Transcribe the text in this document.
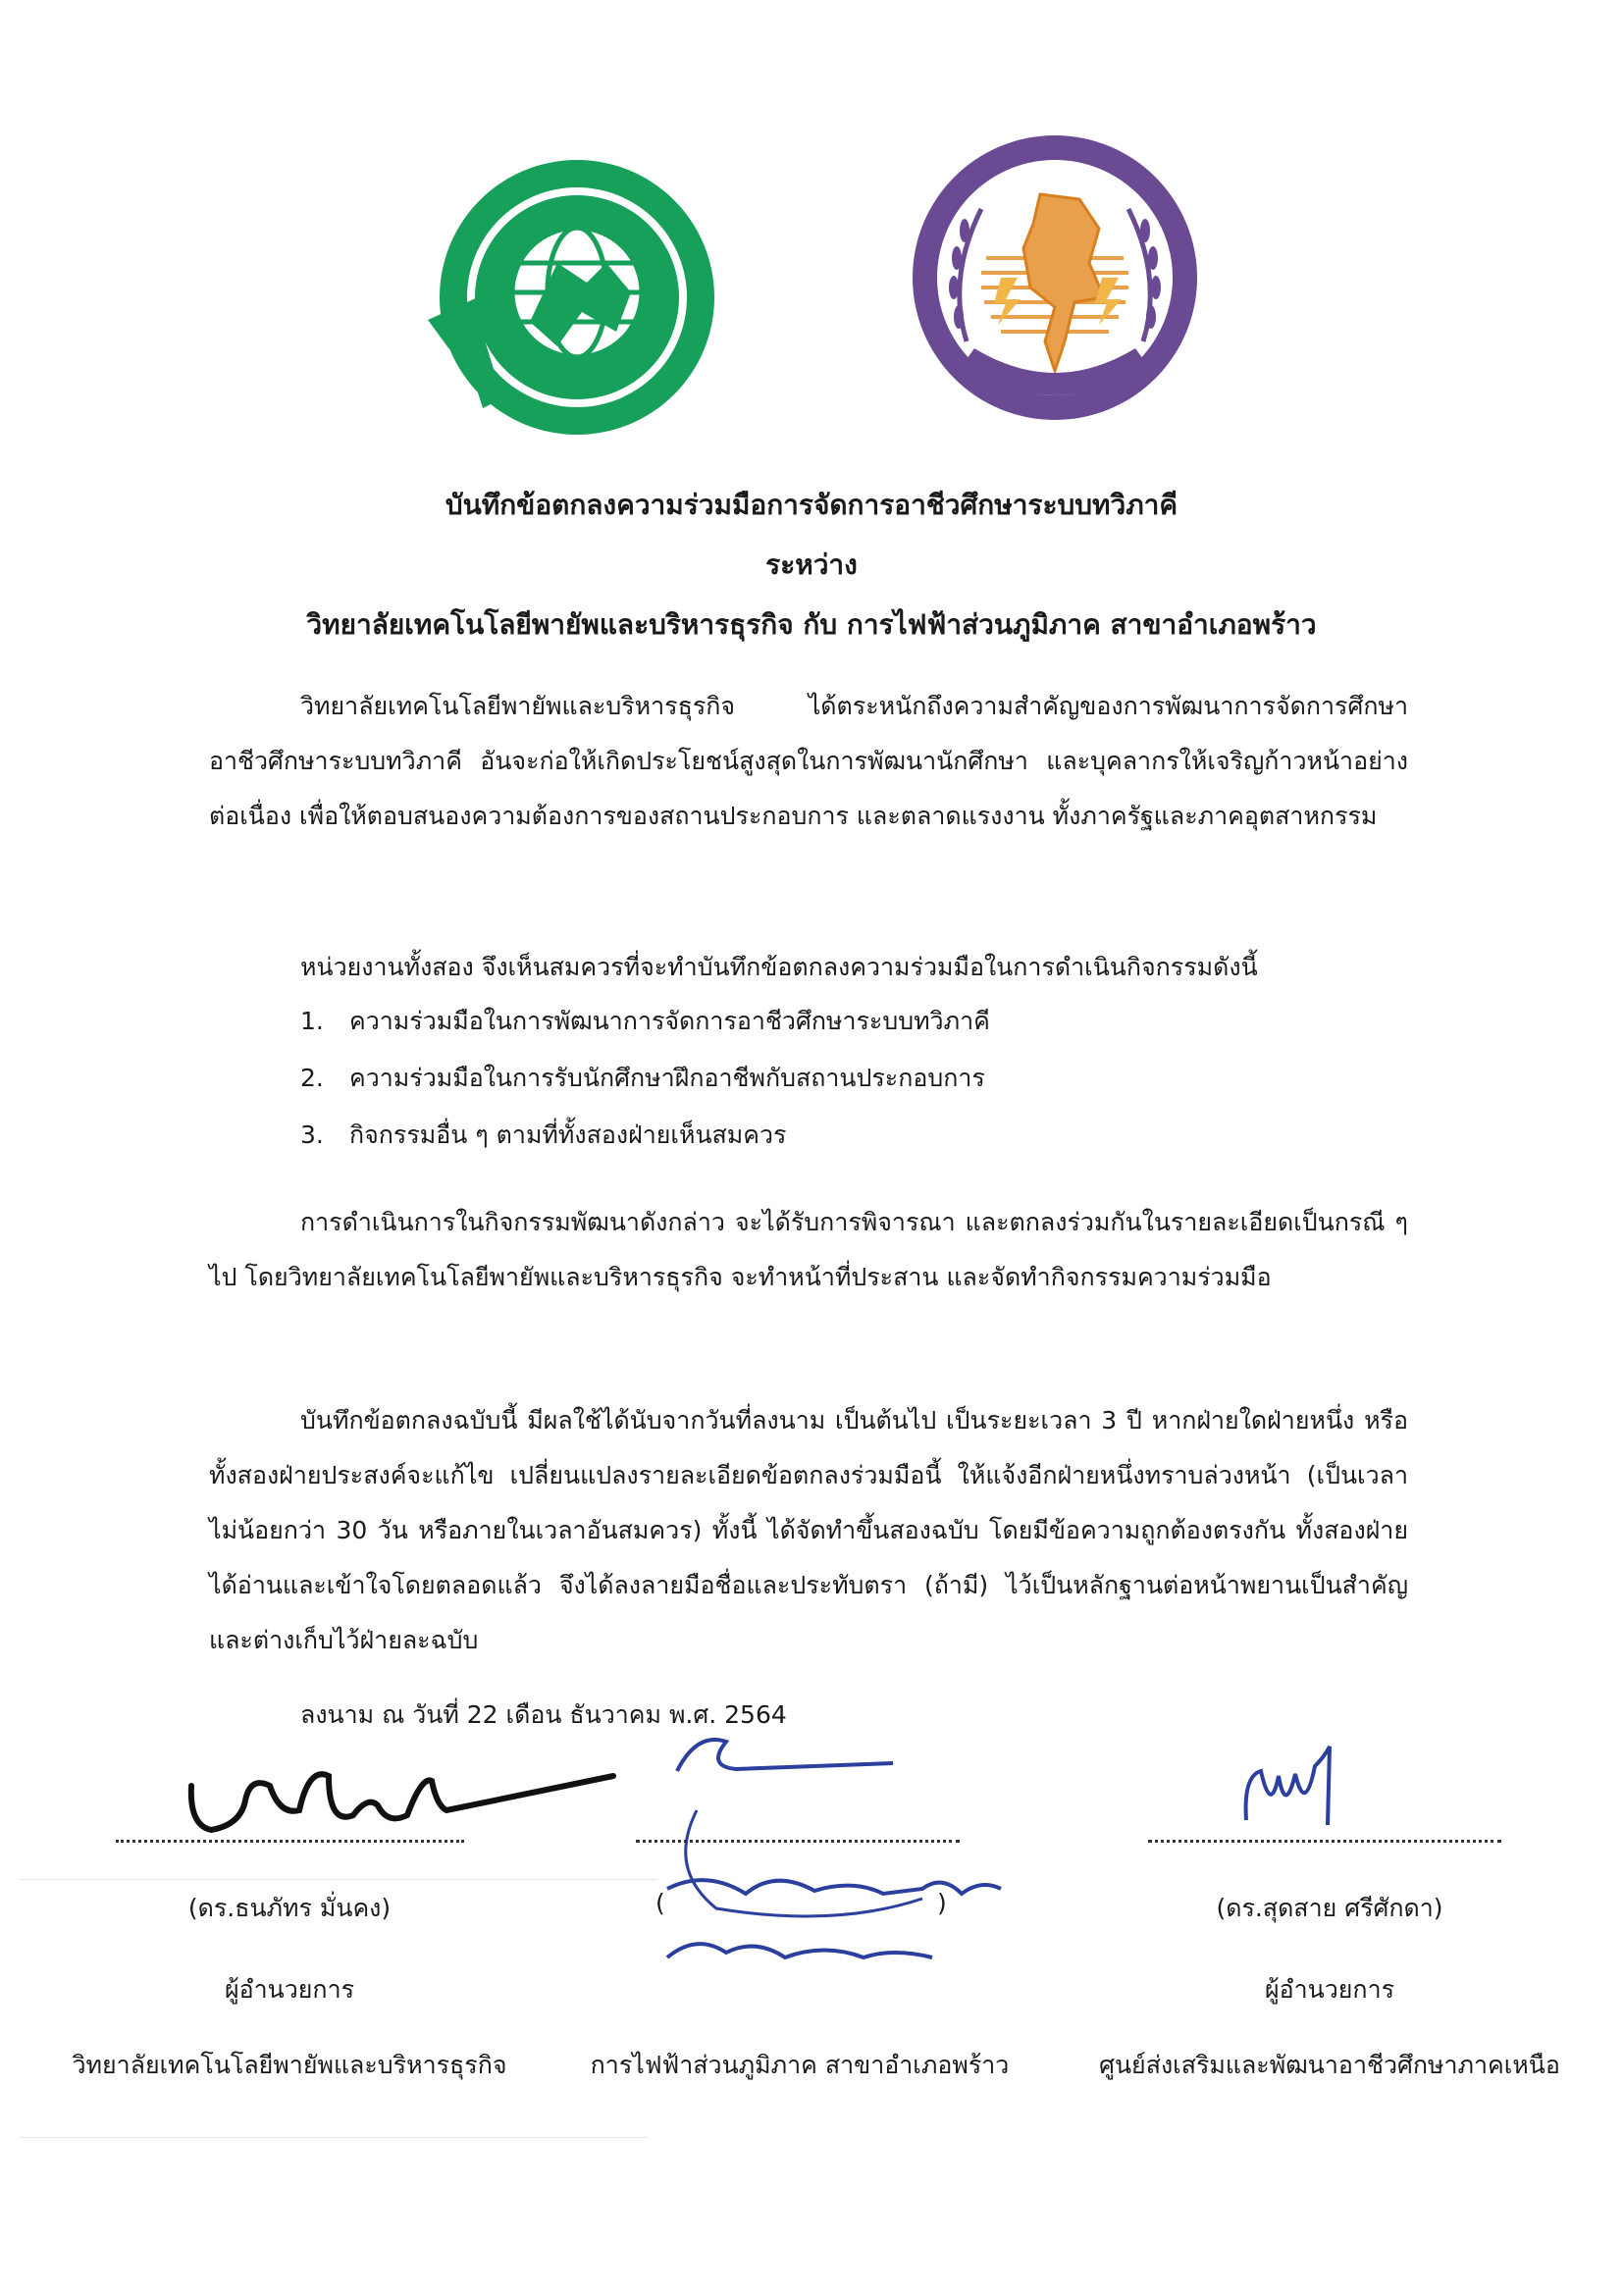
บันทึกข้อตกลงความร่วมมือการจัดการอาชีวศึกษาระบบทวิภาคี
ระหว่าง
วิทยาลัยเทคโนโลยีพายัพและบริหารธุรกิจ กับ การไฟฟ้าส่วนภูมิภาค สาขาอำเภอพร้าว
วิทยาลัยเทคโนโลยีพายัพและบริหารธุรกิจ ได้ตระหนักถึงความสำคัญของการพัฒนาการจัดการศึกษาอาชีวศึกษาระบบทวิภาคี อันจะก่อให้เกิดประโยชน์สูงสุดในการพัฒนานักศึกษา และบุคลากรให้เจริญก้าวหน้าอย่างต่อเนื่อง เพื่อให้ตอบสนองความต้องการของสถานประกอบการ และตลาดแรงงาน ทั้งภาครัฐและภาคอุตสาหกรรม
หน่วยงานทั้งสอง จึงเห็นสมควรที่จะทำบันทึกข้อตกลงความร่วมมือในการดำเนินกิจกรรมดังนี้
1. ความร่วมมือในการพัฒนาการจัดการอาชีวศึกษาระบบทวิภาคี
2. ความร่วมมือในการรับนักศึกษาฝึกอาชีพกับสถานประกอบการ
3. กิจกรรมอื่น ๆ ตามที่ทั้งสองฝ่ายเห็นสมควร
การดำเนินการในกิจกรรมพัฒนาดังกล่าว จะได้รับการพิจารณา และตกลงร่วมกันในรายละเอียดเป็นกรณี ๆ ไป โดยวิทยาลัยเทคโนโลยีพายัพและบริหารธุรกิจ จะทำหน้าที่ประสาน และจัดทำกิจกรรมความร่วมมือ
บันทึกข้อตกลงฉบับนี้ มีผลใช้ได้นับจากวันที่ลงนาม เป็นต้นไป เป็นระยะเวลา 3 ปี หากฝ่ายใดฝ่ายหนึ่ง หรือทั้งสองฝ่ายประสงค์จะแก้ไข เปลี่ยนแปลงรายละเอียดข้อตกลงร่วมมือนี้ ให้แจ้งอีกฝ่ายหนึ่งทราบล่วงหน้า (เป็นเวลาไม่น้อยกว่า 30 วัน หรือภายในเวลาอันสมควร) ทั้งนี้ ได้จัดทำขึ้นสองฉบับ โดยมีข้อความถูกต้องตรงกัน ทั้งสองฝ่ายได้อ่านและเข้าใจโดยตลอดแล้ว จึงได้ลงลายมือชื่อและประทับตรา (ถ้ามี) ไว้เป็นหลักฐานต่อหน้าพยานเป็นสำคัญและต่างเก็บไว้ฝ่ายละฉบับ
ลงนาม ณ วันที่ 22 เดือน ธันวาคม พ.ศ. 2564
(ดร.ธนภัทร มั่นคง)
ผู้อำนวยการ
วิทยาลัยเทคโนโลยีพายัพและบริหารธุรกิจ
(	)
การไฟฟ้าส่วนภูมิภาค สาขาอำเภอพร้าว
(ดร.สุดสาย ศรีศักดา)
ผู้อำนวยการ
ศูนย์ส่งเสริมและพัฒนาอาชีวศึกษาภาคเหนือ
